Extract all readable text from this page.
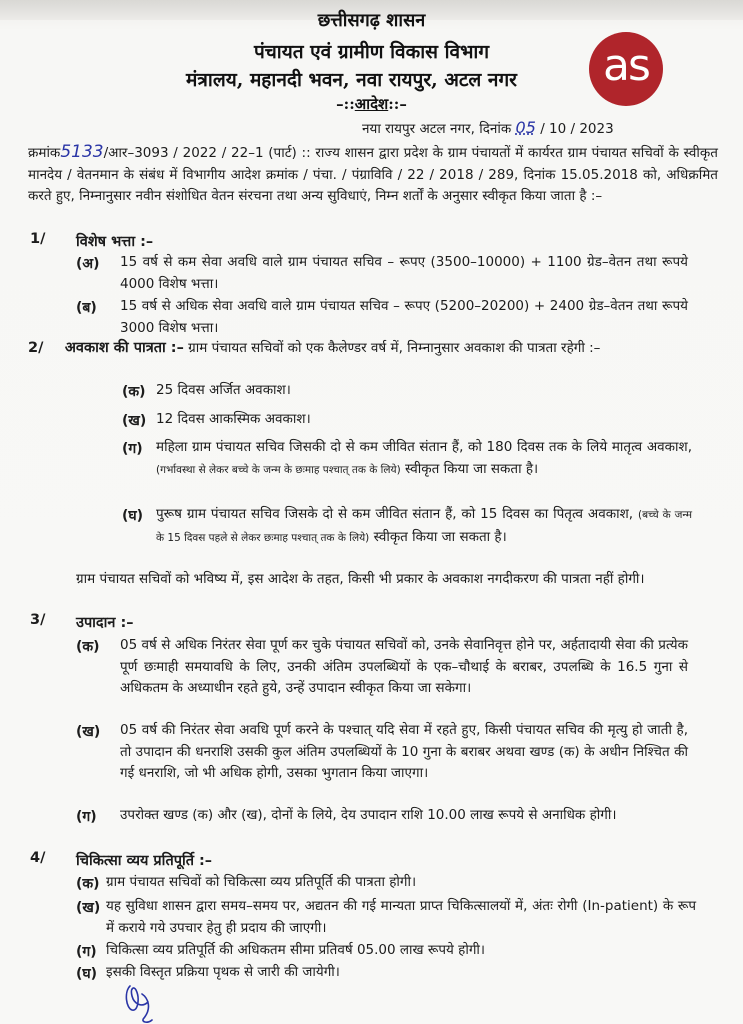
छत्तीसगढ़ शासन
पंचायत एवं ग्रामीण विकास विभाग
मंत्रालय, महानदी भवन, नवा रायपुर, अटल नगर
–::आदेश::–
as
नया रायपुर अटल नगर, दिनांक 05 / 10 / 2023
क्रमांक5133/आर–3093 / 2022 / 22–1 (पार्ट) :: राज्य शासन द्वारा प्रदेश के ग्राम पंचायतों में कार्यरत ग्राम पंचायत सचिवों के स्वीकृत मानदेय / वेतनमान के संबंध में विभागीय आदेश क्रमांक / पंचा. / पंग्राविवि / 22 / 2018 / 289, दिनांक 15.05.2018 को, अधिक्रमित करते हुए, निम्नानुसार नवीन संशोधित वेतन संरचना तथा अन्य सुविधाएं, निम्न शर्तों के अनुसार स्वीकृत किया जाता है :–
1/ विशेष भत्ता :–
(अ) 15 वर्ष से कम सेवा अवधि वाले ग्राम पंचायत सचिव – रूपए (3500–10000) + 1100 ग्रेड–वेतन तथा रूपये 4000 विशेष भत्ता।
(ब) 15 वर्ष से अधिक सेवा अवधि वाले ग्राम पंचायत सचिव – रूपए (5200–20200) + 2400 ग्रेड–वेतन तथा रूपये 3000 विशेष भत्ता।
2/ अवकाश की पात्रता :– ग्राम पंचायत सचिवों को एक कैलेण्डर वर्ष में, निम्नानुसार अवकाश की पात्रता रहेगी :–
(क) 25 दिवस अर्जित अवकाश।
(ख) 12 दिवस आकस्मिक अवकाश।
(ग) महिला ग्राम पंचायत सचिव जिसकी दो से कम जीवित संतान हैं, को 180 दिवस तक के लिये मातृत्व अवकाश, (गर्भावस्था से लेकर बच्चे के जन्म के छःमाह पश्चात् तक के लिये) स्वीकृत किया जा सकता है।
(घ) पुरूष ग्राम पंचायत सचिव जिसके दो से कम जीवित संतान हैं, को 15 दिवस का पितृत्व अवकाश, (बच्चे के जन्म के 15 दिवस पहले से लेकर छःमाह पश्चात् तक के लिये) स्वीकृत किया जा सकता है।
ग्राम पंचायत सचिवों को भविष्य में, इस आदेश के तहत, किसी भी प्रकार के अवकाश नगदीकरण की पात्रता नहीं होगी।
3/ उपादान :–
(क) 05 वर्ष से अधिक निरंतर सेवा पूर्ण कर चुके पंचायत सचिवों को, उनके सेवानिवृत्त होने पर, अर्हतादायी सेवा की प्रत्येक पूर्ण छःमाही समयावधि के लिए, उनकी अंतिम उपलब्धियों के एक–चौथाई के बराबर, उपलब्धि के 16.5 गुना से अधिकतम के अध्याधीन रहते हुये, उन्हें उपादान स्वीकृत किया जा सकेगा।
(ख) 05 वर्ष की निरंतर सेवा अवधि पूर्ण करने के पश्चात् यदि सेवा में रहते हुए, किसी पंचायत सचिव की मृत्यु हो जाती है, तो उपादान की धनराशि उसकी कुल अंतिम उपलब्धियों के 10 गुना के बराबर अथवा खण्ड (क) के अधीन निश्चित की गई धनराशि, जो भी अधिक होगी, उसका भुगतान किया जाएगा।
(ग) उपरोक्त खण्ड (क) और (ख), दोनों के लिये, देय उपादान राशि 10.00 लाख रूपये से अनाधिक होगी।
4/ चिकित्सा व्यय प्रतिपूर्ति :–
(क) ग्राम पंचायत सचिवों को चिकित्सा व्यय प्रतिपूर्ति की पात्रता होगी।
(ख) यह सुविधा शासन द्वारा समय–समय पर, अद्यतन की गई मान्यता प्राप्त चिकित्सालयों में, अंतः रोगी (In-patient) के रूप में कराये गये उपचार हेतु ही प्रदाय की जाएगी।
(ग) चिकित्सा व्यय प्रतिपूर्ति की अधिकतम सीमा प्रतिवर्ष 05.00 लाख रूपये होगी।
(घ) इसकी विस्तृत प्रक्रिया पृथक से जारी की जायेगी।
